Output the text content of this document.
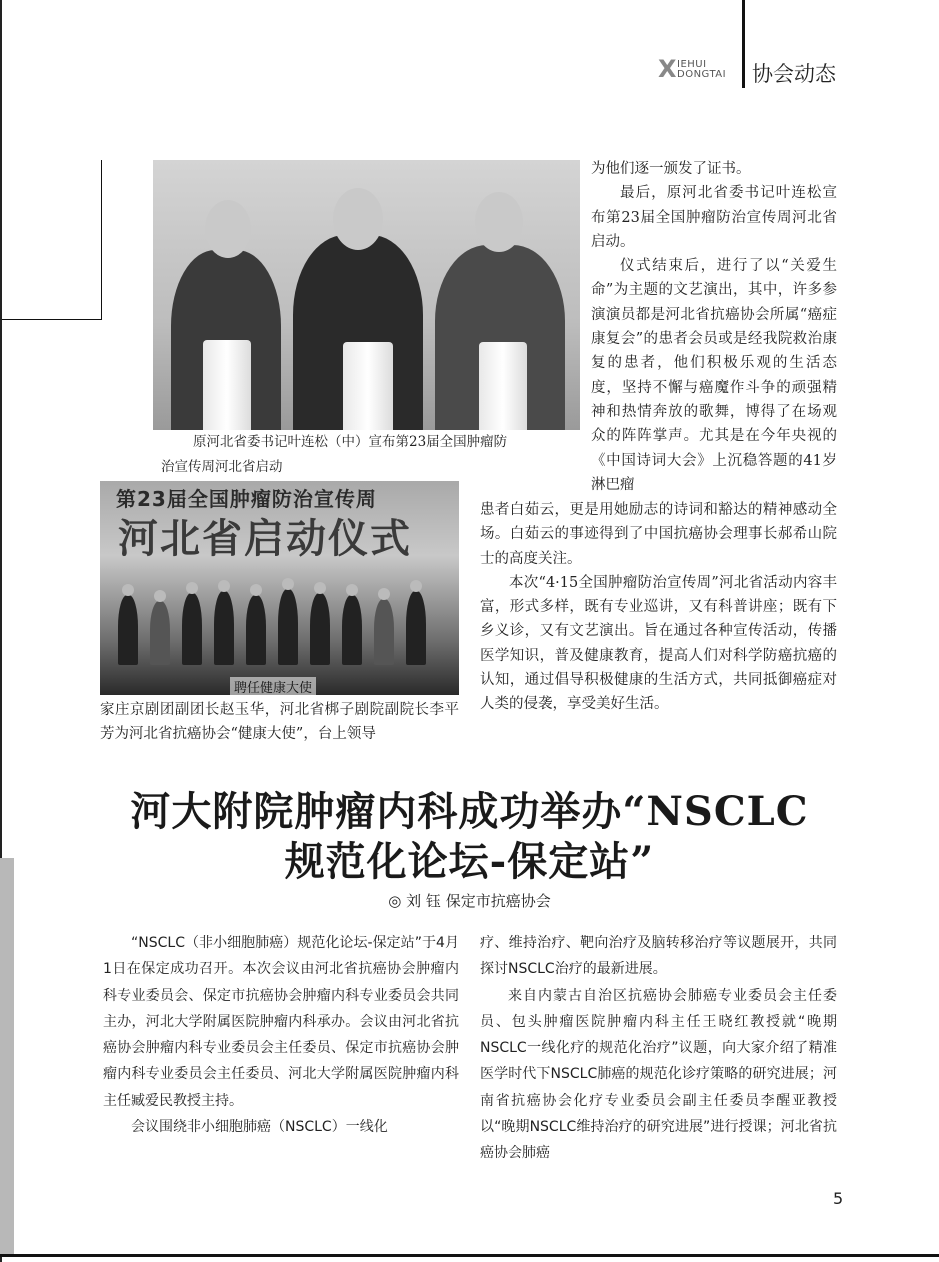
X IEHUI
DONGTAI 协会动态
原河北省委书记叶连松（中）宣布第23届全国肿瘤防
治宣传周河北省启动
第23届全国肿瘤防治宣传周
河北省启动仪式
聘任健康大使

为他们逐一颁发了证书。

最后，原河北省委书记叶连松宣布第23届全国肿瘤防治宣传周河北省启动。

仪式结束后，进行了以“关爱生命”为主题的文艺演出，其中，许多参演演员都是河北省抗癌协会所属“癌症康复会”的患者会员或是经我院救治康复的患者，他们积极乐观的生活态度，坚持不懈与癌魔作斗争的顽强精神和热情奔放的歌舞，博得了在场观众的阵阵掌声。尤其是在今年央视的《中国诗词大会》上沉稳答题的41岁淋巴瘤

患者白茹云，更是用她励志的诗词和豁达的精神感动全场。白茹云的事迹得到了中国抗癌协会理事长郝希山院士的高度关注。

本次“4·15全国肿瘤防治宣传周”河北省活动内容丰富，形式多样，既有专业巡讲，又有科普讲座；既有下乡义诊，又有文艺演出。旨在通过各种宣传活动，传播医学知识，普及健康教育，提高人们对科学防癌抗癌的认知，通过倡导积极健康的生活方式，共同抵御癌症对人类的侵袭，享受美好生活。

家庄京剧团副团长赵玉华，河北省梆子剧院副院长李平芳为河北省抗癌协会“健康大使”，台上领导

河大附院肿瘤内科成功举办“NSCLC
规范化论坛-保定站”
◎ 刘 钰 保定市抗癌协会

“NSCLC（非小细胞肺癌）规范化论坛-保定站”于4月1日在保定成功召开。本次会议由河北省抗癌协会肿瘤内科专业委员会、保定市抗癌协会肿瘤内科专业委员会共同主办，河北大学附属医院肿瘤内科承办。会议由河北省抗癌协会肿瘤内科专业委员会主任委员、保定市抗癌协会肿瘤内科专业委员会主任委员、河北大学附属医院肿瘤内科主任臧爱民教授主持。

会议围绕非小细胞肺癌（NSCLC）一线化

疗、维持治疗、靶向治疗及脑转移治疗等议题展开，共同探讨NSCLC治疗的最新进展。

来自内蒙古自治区抗癌协会肺癌专业委员会主任委员、包头肿瘤医院肿瘤内科主任王晓红教授就“晚期NSCLC一线化疗的规范化治疗”议题，向大家介绍了精准医学时代下NSCLC肺癌的规范化诊疗策略的研究进展；河南省抗癌协会化疗专业委员会副主任委员李醒亚教授以“晚期NSCLC维持治疗的研究进展”进行授课；河北省抗癌协会肺癌

5
